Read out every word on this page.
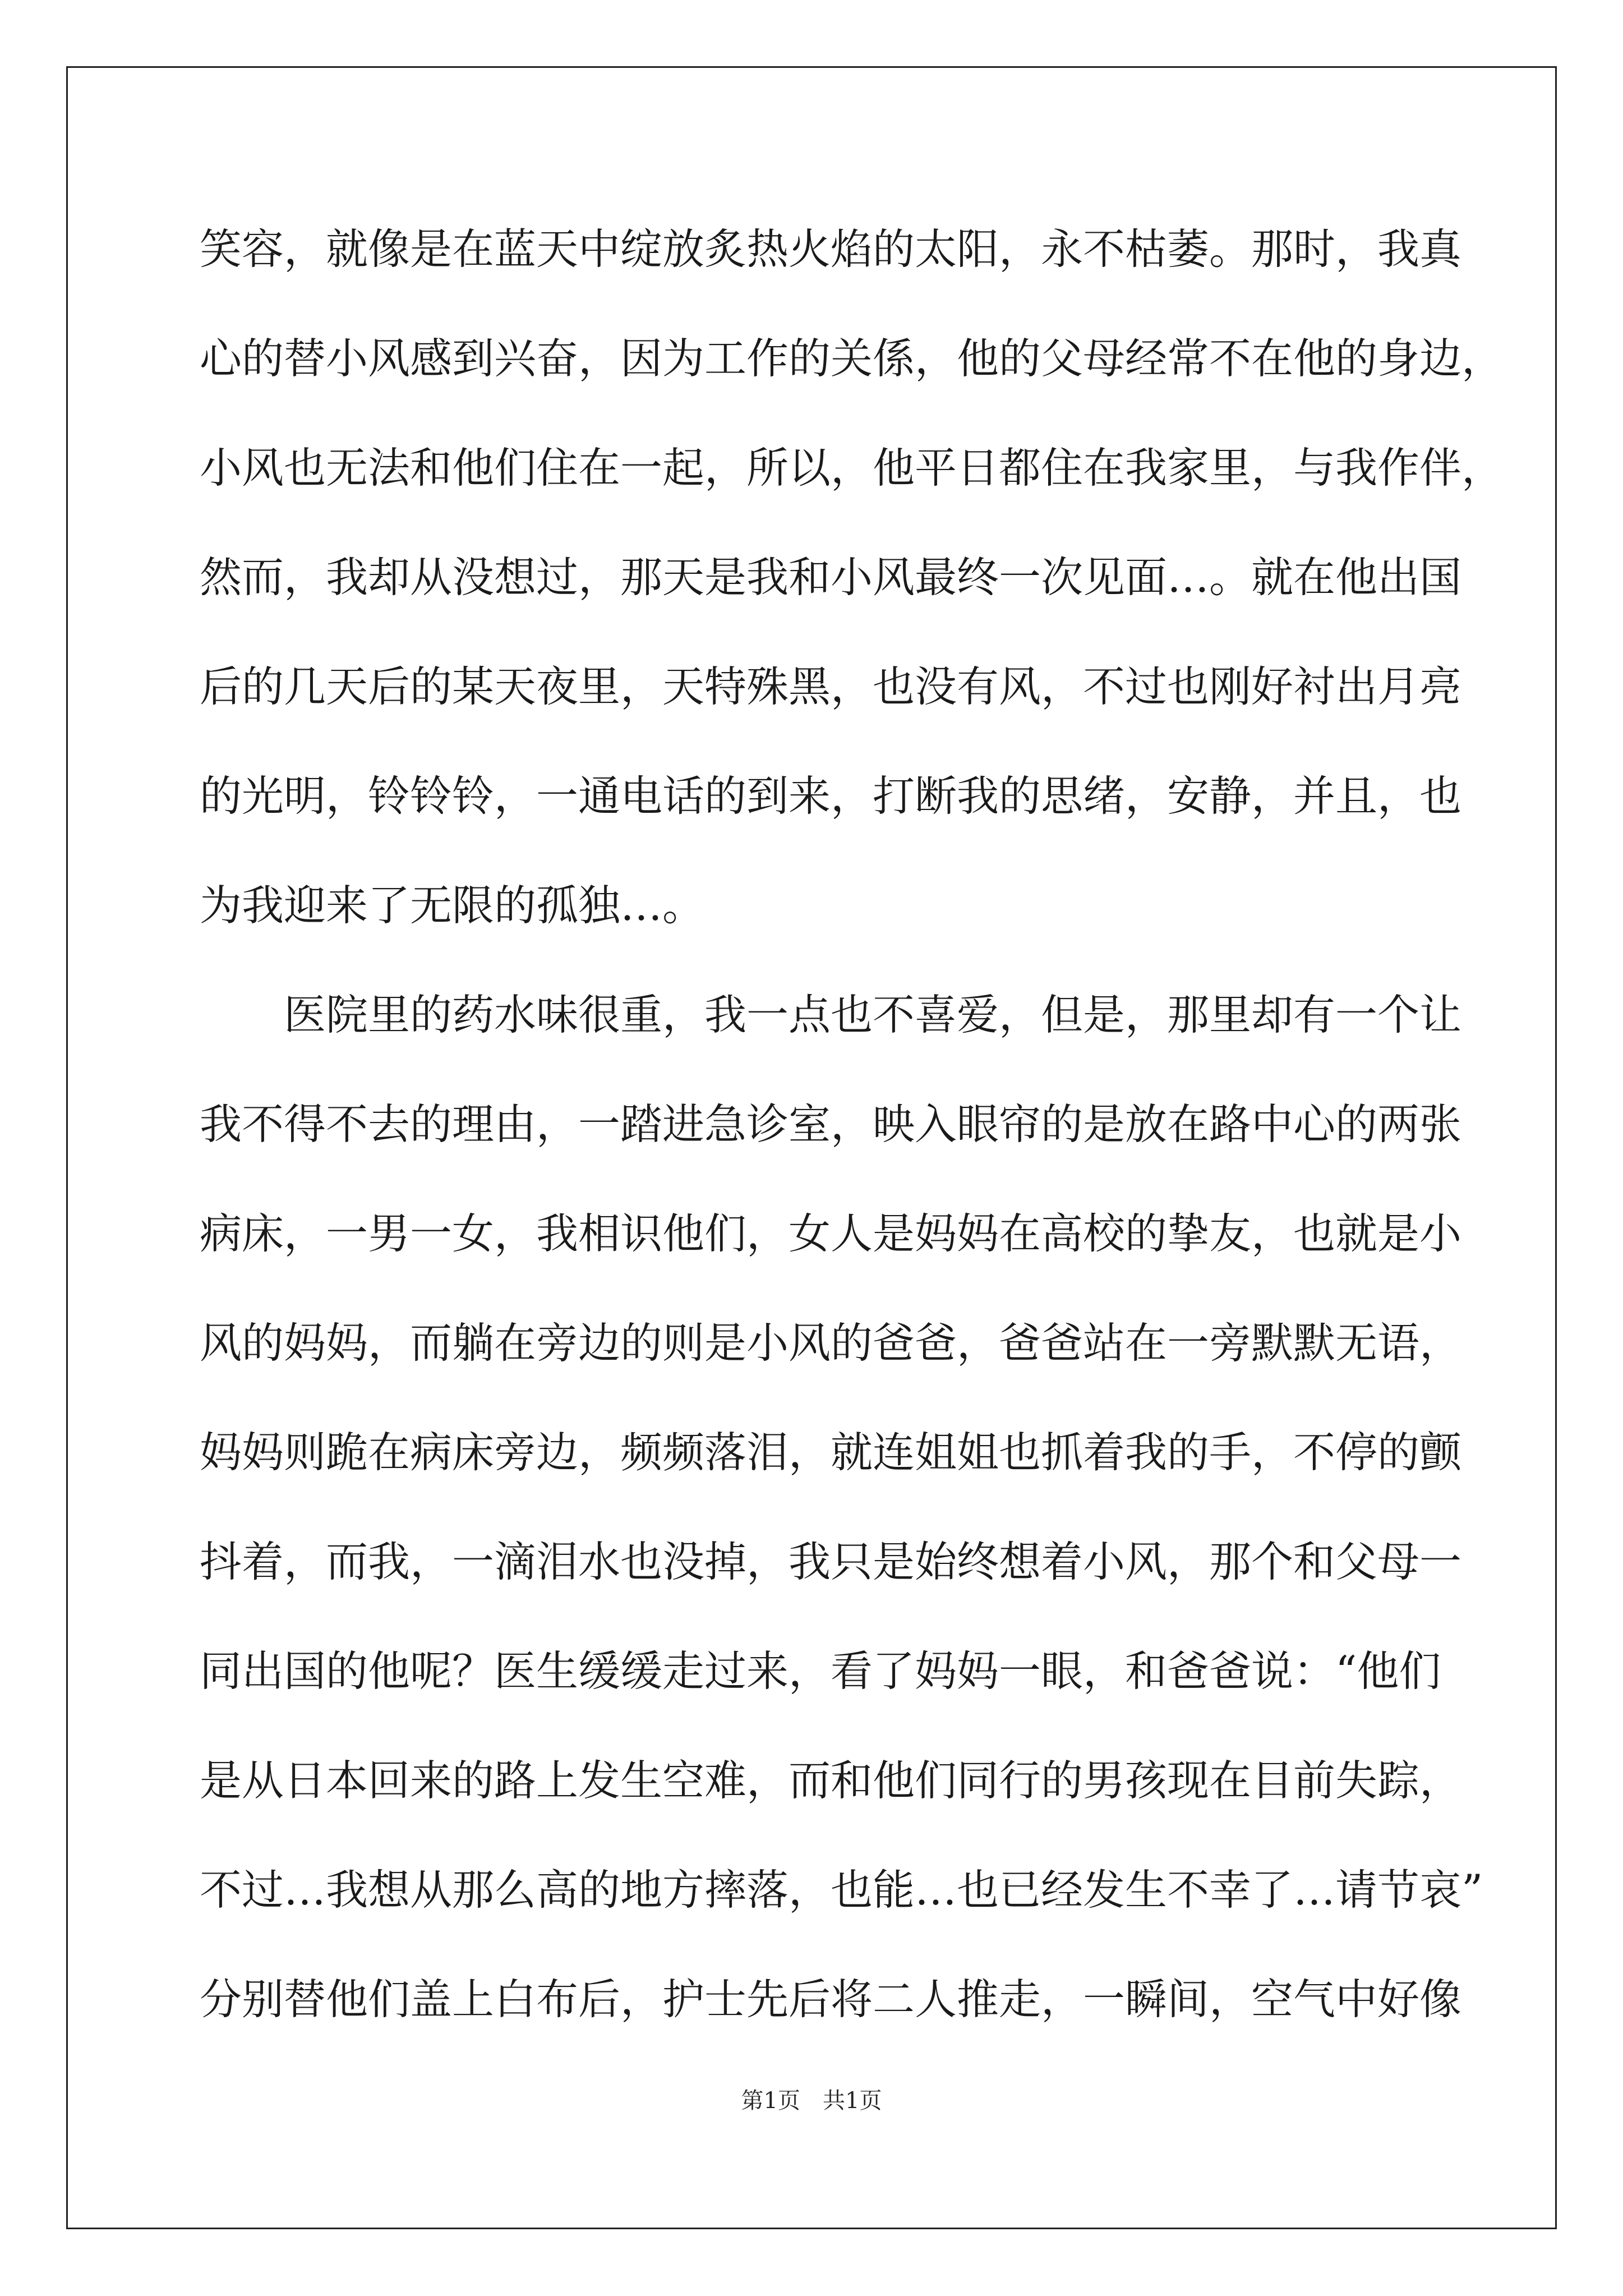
笑容，就像是在蓝天中绽放炙热火焰的太阳，永不枯萎。那时，我真
心的替小风感到兴奋，因为工作的关係，他的父母经常不在他的身边，
小风也无法和他们住在一起，所以，他平日都住在我家里，与我作伴，
然而，我却从没想过，那天是我和小风最终一次见面…。就在他出国
后的几天后的某天夜里，天特殊黑，也没有风，不过也刚好衬出月亮
的光明，铃铃铃，一通电话的到来，打断我的思绪，安静，并且，也
为我迎来了无限的孤独…。
医院里的药水味很重，我一点也不喜爱，但是，那里却有一个让
我不得不去的理由，一踏进急诊室，映入眼帘的是放在路中心的两张
病床，一男一女，我相识他们，女人是妈妈在高校的挚友，也就是小
风的妈妈，而躺在旁边的则是小风的爸爸，爸爸站在一旁默默无语，
妈妈则跪在病床旁边，频频落泪，就连姐姐也抓着我的手，不停的颤
抖着，而我，一滴泪水也没掉，我只是始终想着小风，那个和父母一
同出国的他呢？医生缓缓走过来，看了妈妈一眼，和爸爸说：“他们
是从日本回来的路上发生空难，而和他们同行的男孩现在目前失踪，
不过…我想从那么高的地方摔落，也能…也已经发生不幸了…请节哀”
分别替他们盖上白布后，护士先后将二人推走，一瞬间，空气中好像
第1页　共1页
